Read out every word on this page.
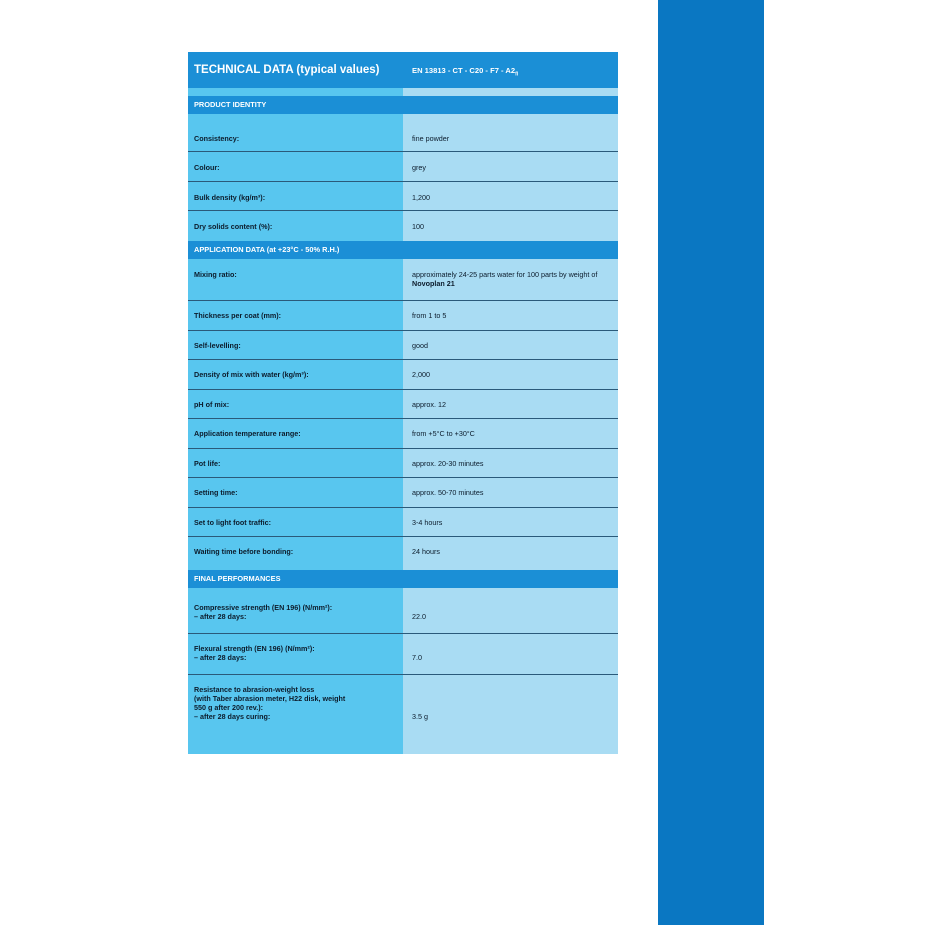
TECHNICAL DATA (typical values)	EN 13813 - CT - $C20 - F7 - A2_{fl}$
PRODUCT IDENTITY
Consistency:	fine powder
Colour:	grey
Bulk density (kg/m³):	1,200
Dry solids content (%):	100
APPLICATION DATA (at +23°C - 50% R.H.)
Mixing ratio:	approximately 24-25 parts water for 100 parts by weight of Novoplan 21
Thickness per coat (mm):	from 1 to 5
Self-levelling:	good
Density of mix with water (kg/m³):	2,000
pH of mix:	approx. 12
Application temperature range:	from +5°C to +30°C
Pot life:	approx. 20-30 minutes
Setting time:	approx. 50-70 minutes
Set to light foot traffic:	3-4 hours
Waiting time before bonding:	24 hours
FINAL PERFORMANCES
Compressive strength (EN 196) (N/mm²):
– after 28 days:	22.0
Flexural strength (EN 196) (N/mm²):
– after 28 days:	7.0
Resistance to abrasion-weight loss
(with Taber abrasion meter, H22 disk, weight
550 g after 200 rev.):
– after 28 days curing:	3.5 g
